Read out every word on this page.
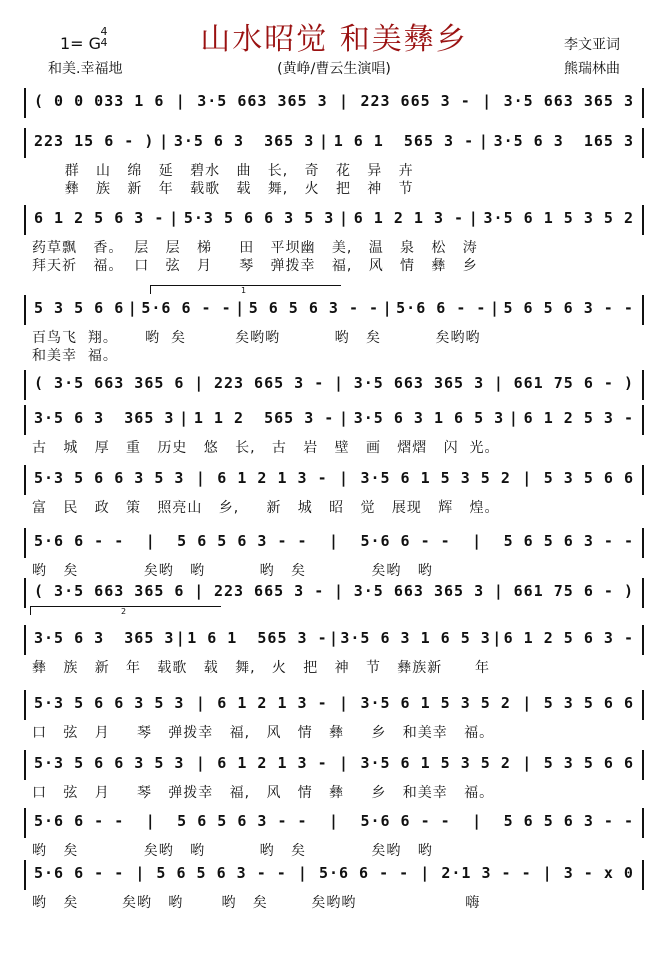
山水昭觉 和美彝乡
1= G
4
4
和美.幸福地	(黄峥/曹云生演唱)
李文亚词
熊瑞林曲
( 0 0 033 1 6 | 3·5 663 365 3 | 223 665 3 - | 3·5 663 365 3
223 15 6 - ) | 3·5 6 3  365 3 | 1 6 1  565 3 - | 3·5 6 3  165 3
群   山   绵   延   碧水   曲   长,   奇   花   异   卉
彝   族   新   年   载歌   载   舞,   火   把   神   节
6 1 2 5 6 3 - | 5·3 5 6 6 3 5 3 | 6 1 2 1 3 - | 3·5 6 1 5 3 5 2
药草飘   香。  层   层   梯     田   平坝幽   美,   温   泉   松   涛
拜天祈   福。  口   弦   月     琴   弹拨幸   福,   风   情   彝   乡
5 3 5 6 6 | 5·6 6 - - | 5 6 5 6 3 - - | 5·6 6 - - | 5 6 5 6 3 - -
百鸟飞  翔。     哟  矣         矣哟哟          哟   矣          矣哟哟
和美幸  福。
( 3·5 663 365 6 | 223 665 3 - | 3·5 663 365 3 | 661 75 6 - )
3·5 6 3  365 3 | 1 1 2  565 3 - | 3·5 6 3 1 6 5 3 | 6 1 2 5 3 -
古   城   厚   重   历史   悠   长,   古   岩   壁   画   熠熠   闪  光。
5·3 5 6 6 3 5 3 | 6 1 2 1 3 - | 3·5 6 1 5 3 5 2 | 5 3 5 6 6
富   民   政   策   照亮山   乡,     新   城   昭   觉   展现   辉   煌。
5·6 6 - - | 5 6 5 6 3 - - | 5·6 6 - - | 5 6 5 6 3 - -
哟   矣            矣哟   哟          哟   矣            矣哟   哟
( 3·5 663 365 6 | 223 665 3 - | 3·5 663 365 3 | 661 75 6 - )
3·5 6 3  365 3 | 1 6 1  565 3 - | 3·5 6 3 1 6 5 3 | 6 1 2 5 6 3 -
彝   族   新   年   载歌   载   舞,   火   把   神   节   彝族新      年
5·3 5 6 6 3 5 3 | 6 1 2 1 3 - | 3·5 6 1 5 3 5 2 | 5 3 5 6 6
口   弦   月     琴   弹拨幸   福,   风   情   彝     乡   和美幸   福。
5·3 5 6 6 3 5 3 | 6 1 2 1 3 - | 3·5 6 1 5 3 5 2 | 5 3 5 6 6
口   弦   月     琴   弹拨幸   福,   风   情   彝     乡   和美幸   福。
5·6 6 - - | 5 6 5 6 3 - - | 5·6 6 - - | 5 6 5 6 3 - -
哟   矣            矣哟   哟          哟   矣            矣哟   哟
5·6 6 - - | 5 6 5 6 3 - - | 5·6 6 - - | 2·1 3 - - | 3 - x 0
哟   矣        矣哟   哟       哟   矣        矣哟哟                    嗨
1
2
